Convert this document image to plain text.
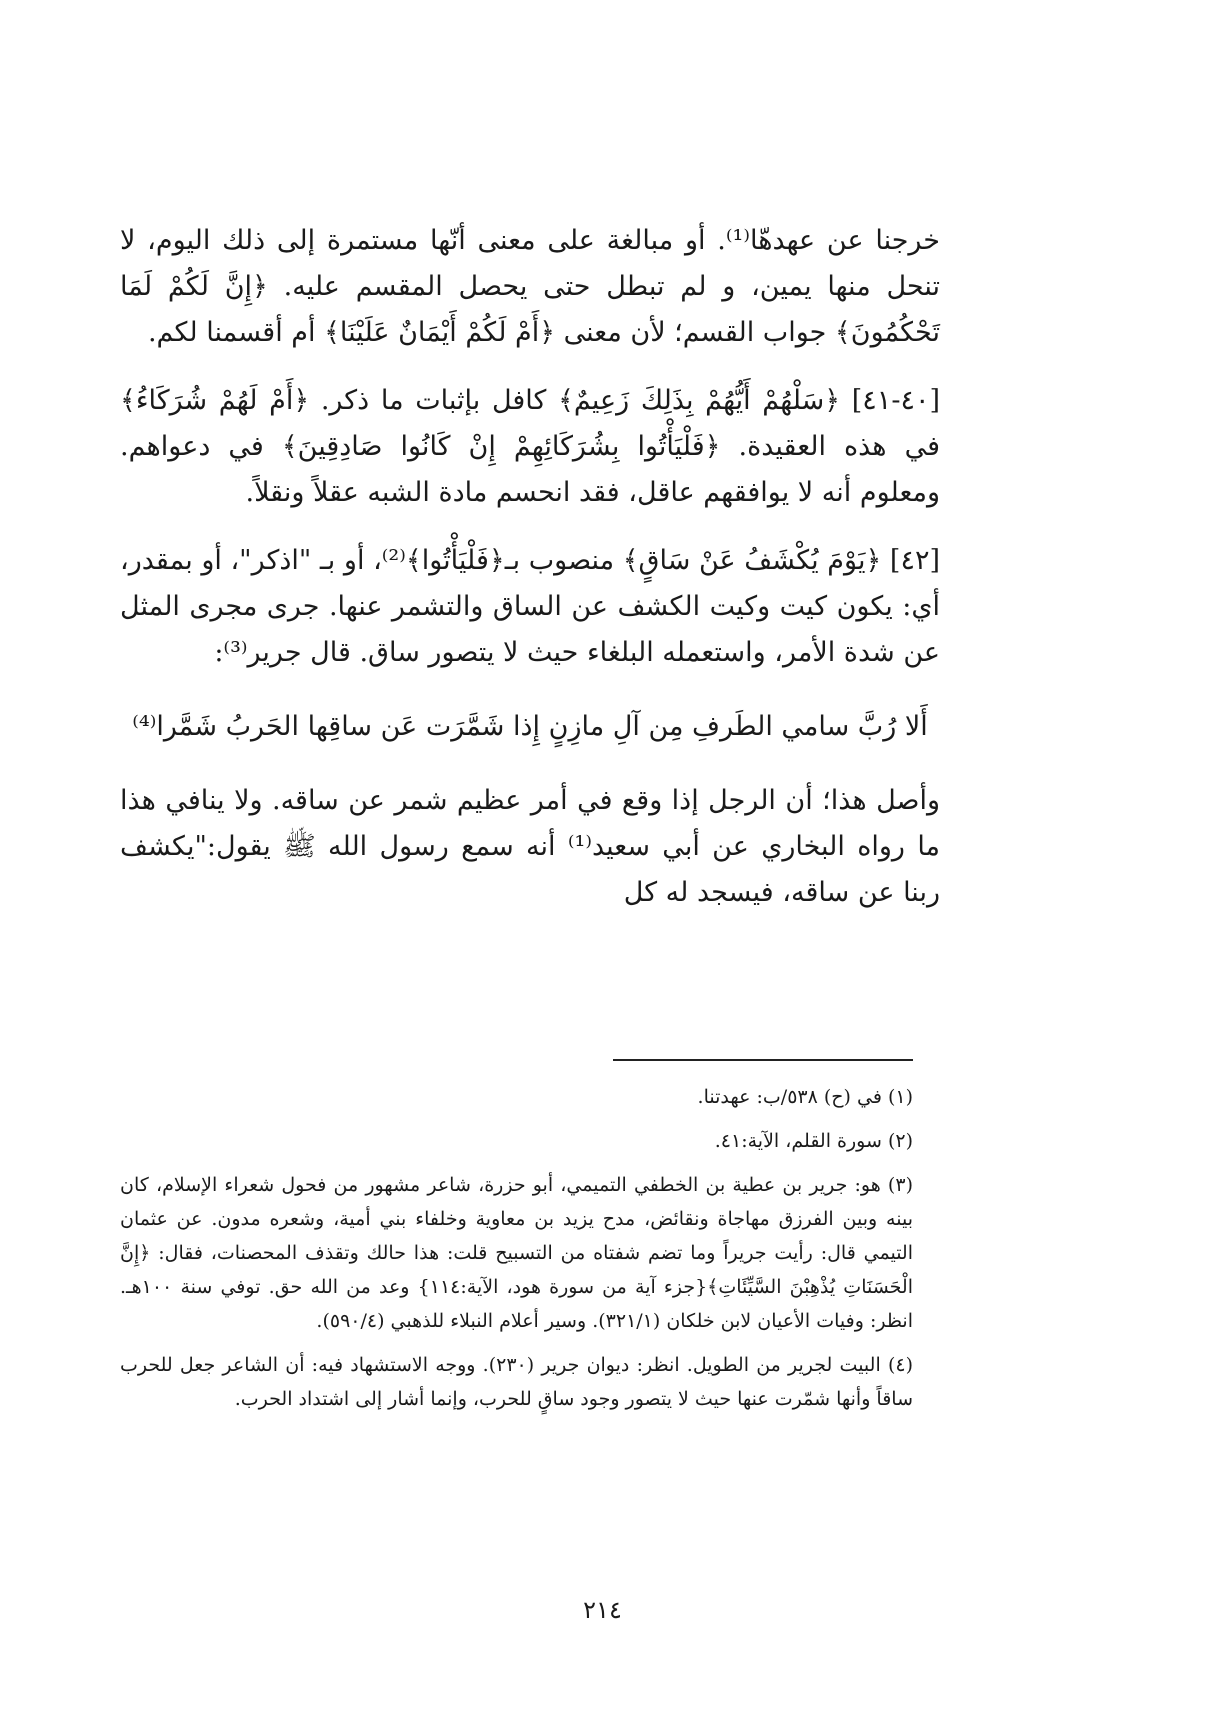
خرجنا عن عهدهّا⁽¹⁾. أو مبالغة على معنى أنّها مستمرة إلى ذلك اليوم، لا تنحل منها يمين، و لم تبطل حتى يحصل المقسم عليه. ﴿إِنَّ لَكُمْ لَمَا تَحْكُمُونَ﴾ جواب القسم؛ لأن معنى ﴿أَمْ لَكُمْ أَيْمَانٌ عَلَيْنَا﴾ أم أقسمنا لكم.

[٤٠-٤١] ﴿سَلْهُمْ أَيُّهُمْ بِذَلِكَ زَعِيمٌ﴾ كافل بإثبات ما ذكر. ﴿أَمْ لَهُمْ شُرَكَاءُ﴾ في هذه العقيدة. ﴿فَلْيَأْتُوا بِشُرَكَائِهِمْ إِنْ كَانُوا صَادِقِينَ﴾ في دعواهم. ومعلوم أنه لا يوافقهم عاقل، فقد انحسم مادة الشبه عقلاً ونقلاً.

[٤٢] ﴿يَوْمَ يُكْشَفُ عَنْ سَاقٍ﴾ منصوب بـ﴿فَلْيَأْتُوا﴾⁽²⁾، أو بـ "اذكر"، أو بمقدر، أي: يكون كيت وكيت الكشف عن الساق والتشمر عنها. جرى مجرى المثل عن شدة الأمر، واستعمله البلغاء حيث لا يتصور ساق. قال جرير⁽³⁾:

أَلا رُبَّ سامي الطَرفِ مِن آلِ مازِنٍ إِذا شَمَّرَت عَن ساقِها الحَربُ شَمَّرا⁽⁴⁾

وأصل هذا؛ أن الرجل إذا وقع في أمر عظيم شمر عن ساقه. ولا ينافي هذا ما رواه البخاري عن أبي سعيد⁽¹⁾ أنه سمع رسول الله ﷺ يقول:"يكشف ربنا عن ساقه، فيسجد له كل

(١) في (ح) ٥٣٨/ب: عهدتنا.

(٢) سورة القلم، الآية:٤١.

(٣) هو: جرير بن عطية بن الخطفي التميمي، أبو حزرة، شاعر مشهور من فحول شعراء الإسلام، كان بينه وبين الفرزق مهاجاة ونقائض، مدح يزيد بن معاوية وخلفاء بني أمية، وشعره مدون. عن عثمان التيمي قال: رأيت جريراً وما تضم شفتاه من التسبيح قلت: هذا حالك وتقذف المحصنات، فقال: ﴿إِنَّ الْحَسَنَاتِ يُذْهِبْنَ السَّيِّئَاتِ﴾{جزء آية من سورة هود، الآية:١١٤} وعد من الله حق. توفي سنة ١٠٠هـ. انظر: وفيات الأعيان لابن خلكان (٣٢١/١). وسير أعلام النبلاء للذهبي (٥٩٠/٤).

(٤) البيت لجرير من الطويل. انظر: ديوان جرير (٢٣٠). ووجه الاستشهاد فيه: أن الشاعر جعل للحرب ساقاً وأنها شمّرت عنها حيث لا يتصور وجود ساقٍ للحرب، وإنما أشار إلى اشتداد الحرب.

٢١٤
